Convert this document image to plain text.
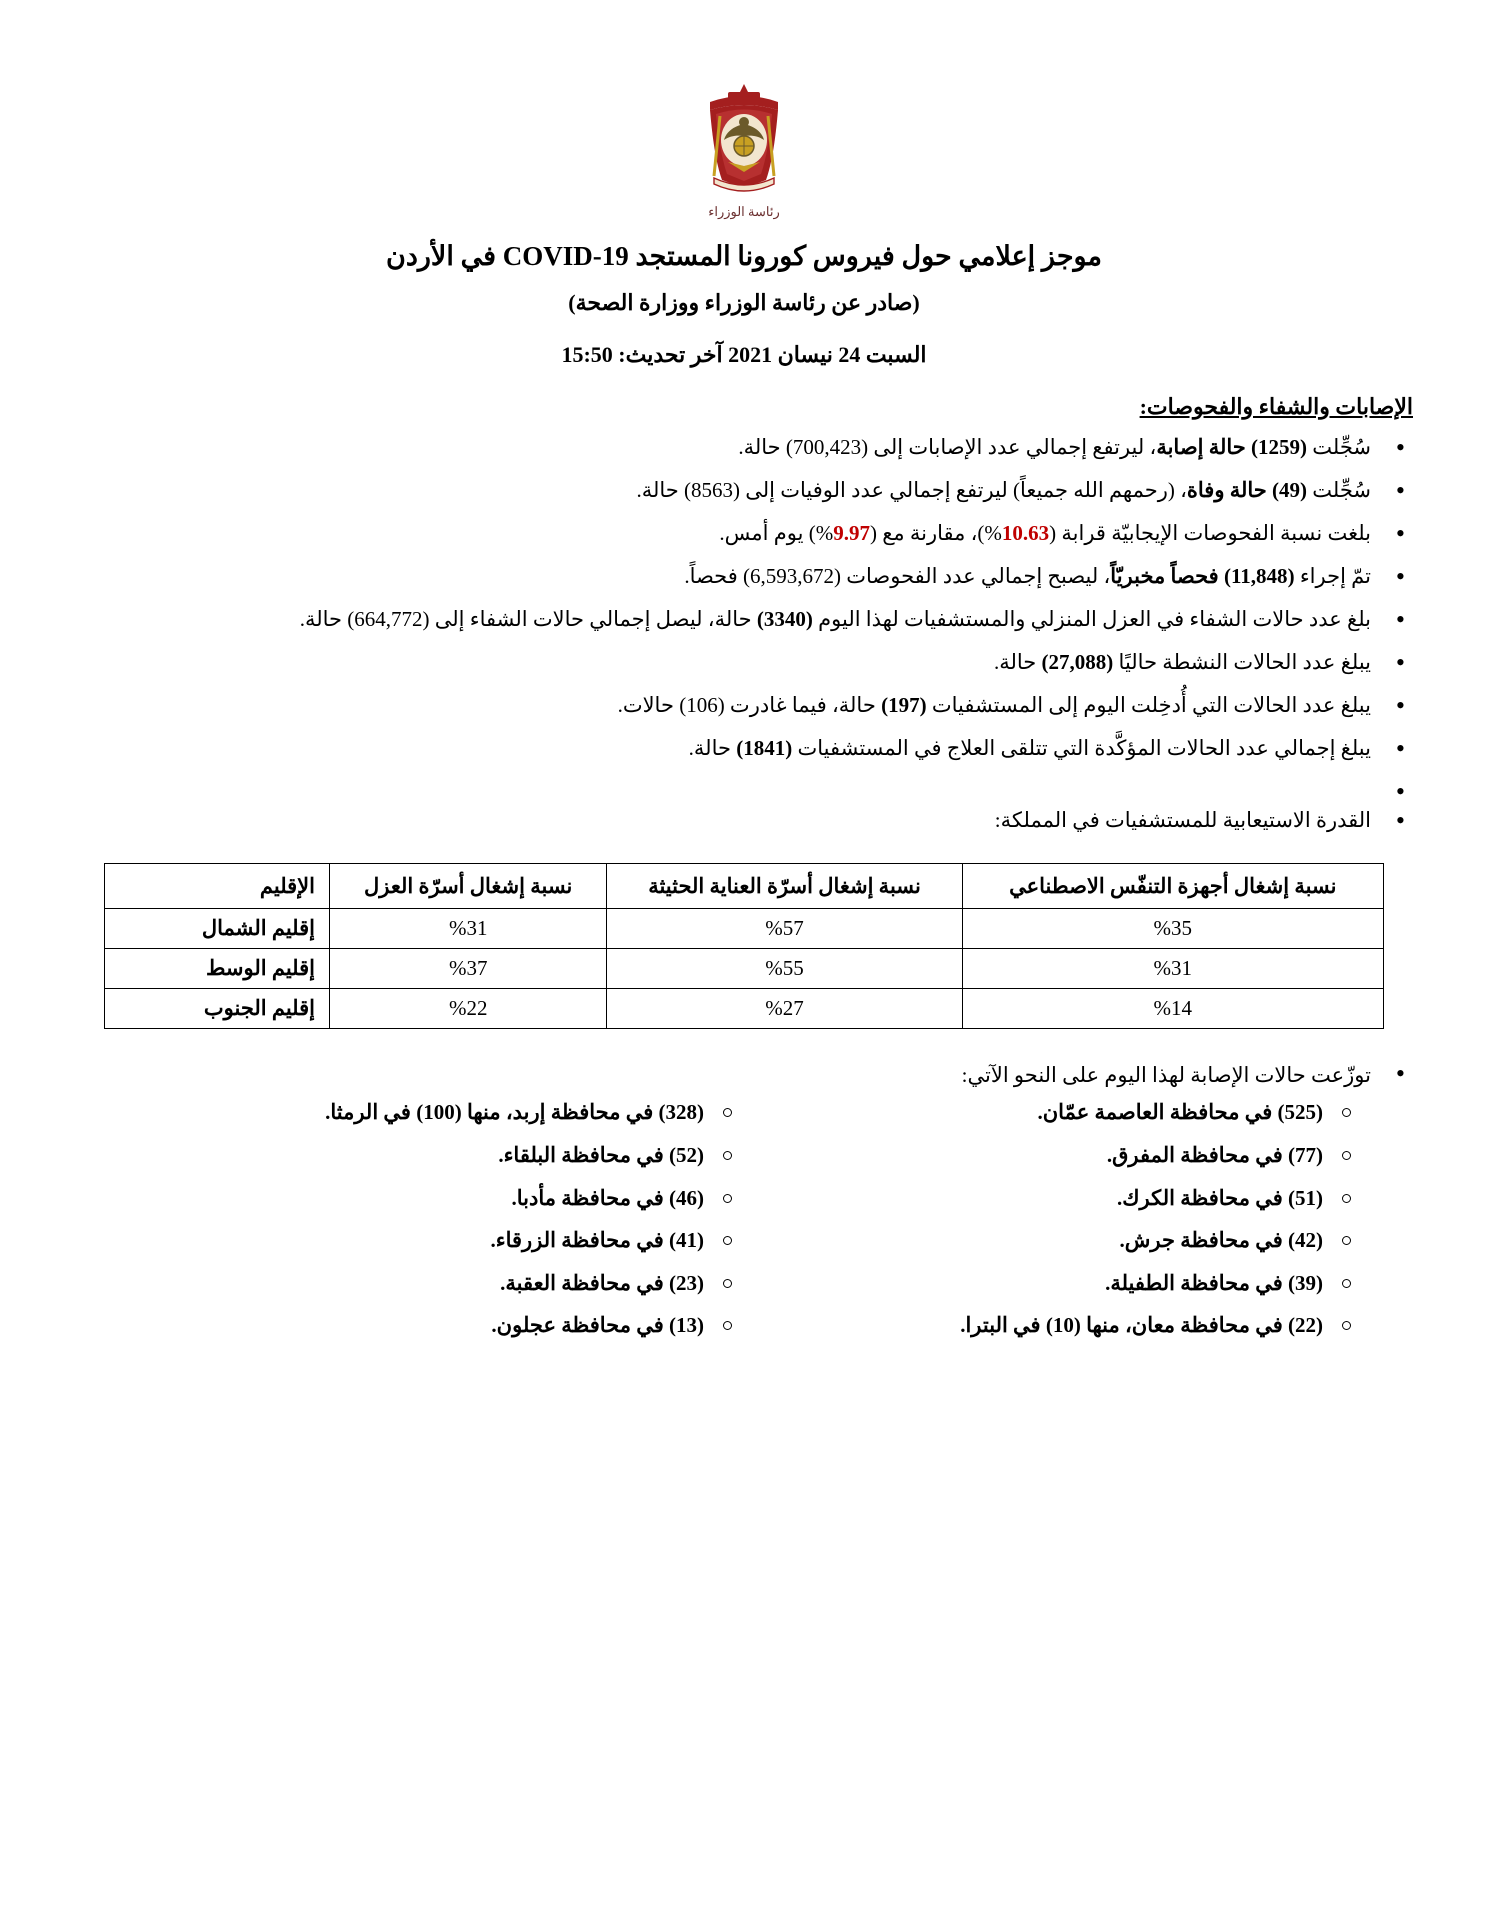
رئاسة الوزراء
موجز إعلامي حول فيروس كورونا المستجد COVID-19 في الأردن
(صادر عن رئاسة الوزراء ووزارة الصحة)
السبت 24 نيسان 2021 آخر تحديث: 15:50
الإصابات والشفاء والفحوصات:
• سُجِّلت (1259) حالة إصابة، ليرتفع إجمالي عدد الإصابات إلى (700,423) حالة.
• سُجِّلت (49) حالة وفاة، (رحمهم الله جميعاً) ليرتفع إجمالي عدد الوفيات إلى (8563) حالة.
• بلغت نسبة الفحوصات الإيجابيّة قرابة (10.63%)، مقارنة مع (9.97%) يوم أمس.
• تمّ إجراء (11,848) فحصاً مخبريّاً، ليصبح إجمالي عدد الفحوصات (6,593,672) فحصاً.
• بلغ عدد حالات الشفاء في العزل المنزلي والمستشفيات لهذا اليوم (3340) حالة، ليصل إجمالي حالات الشفاء إلى (664,772) حالة.
• يبلغ عدد الحالات النشطة حاليًا (27,088) حالة.
• يبلغ عدد الحالات التي أُدخِلت اليوم إلى المستشفيات (197) حالة، فيما غادرت (106) حالات.
• يبلغ إجمالي عدد الحالات المؤكَّدة التي تتلقى العلاج في المستشفيات (1841) حالة.
•
• القدرة الاستيعابية للمستشفيات في المملكة:
نسبة إشغال أجهزة التنفّس الاصطناعي	نسبة إشغال أسرّة العناية الحثيثة	نسبة إشغال أسرّة العزل	الإقليم
%35	%57	%31	إقليم الشمال
%31	%55	%37	إقليم الوسط
%14	%27	%22	إقليم الجنوب
• توزّعت حالات الإصابة لهذا اليوم على النحو الآتي:
(525) في محافظة العاصمة عمّان.
(77) في محافظة المفرق.
(51) في محافظة الكرك.
(42) في محافظة جرش.
(39) في محافظة الطفيلة.
(22) في محافظة معان، منها (10) في البترا.
(328) في محافظة إربد، منها (100) في الرمثا.
(52) في محافظة البلقاء.
(46) في محافظة مأدبا.
(41) في محافظة الزرقاء.
(23) في محافظة العقبة.
(13) في محافظة عجلون.
